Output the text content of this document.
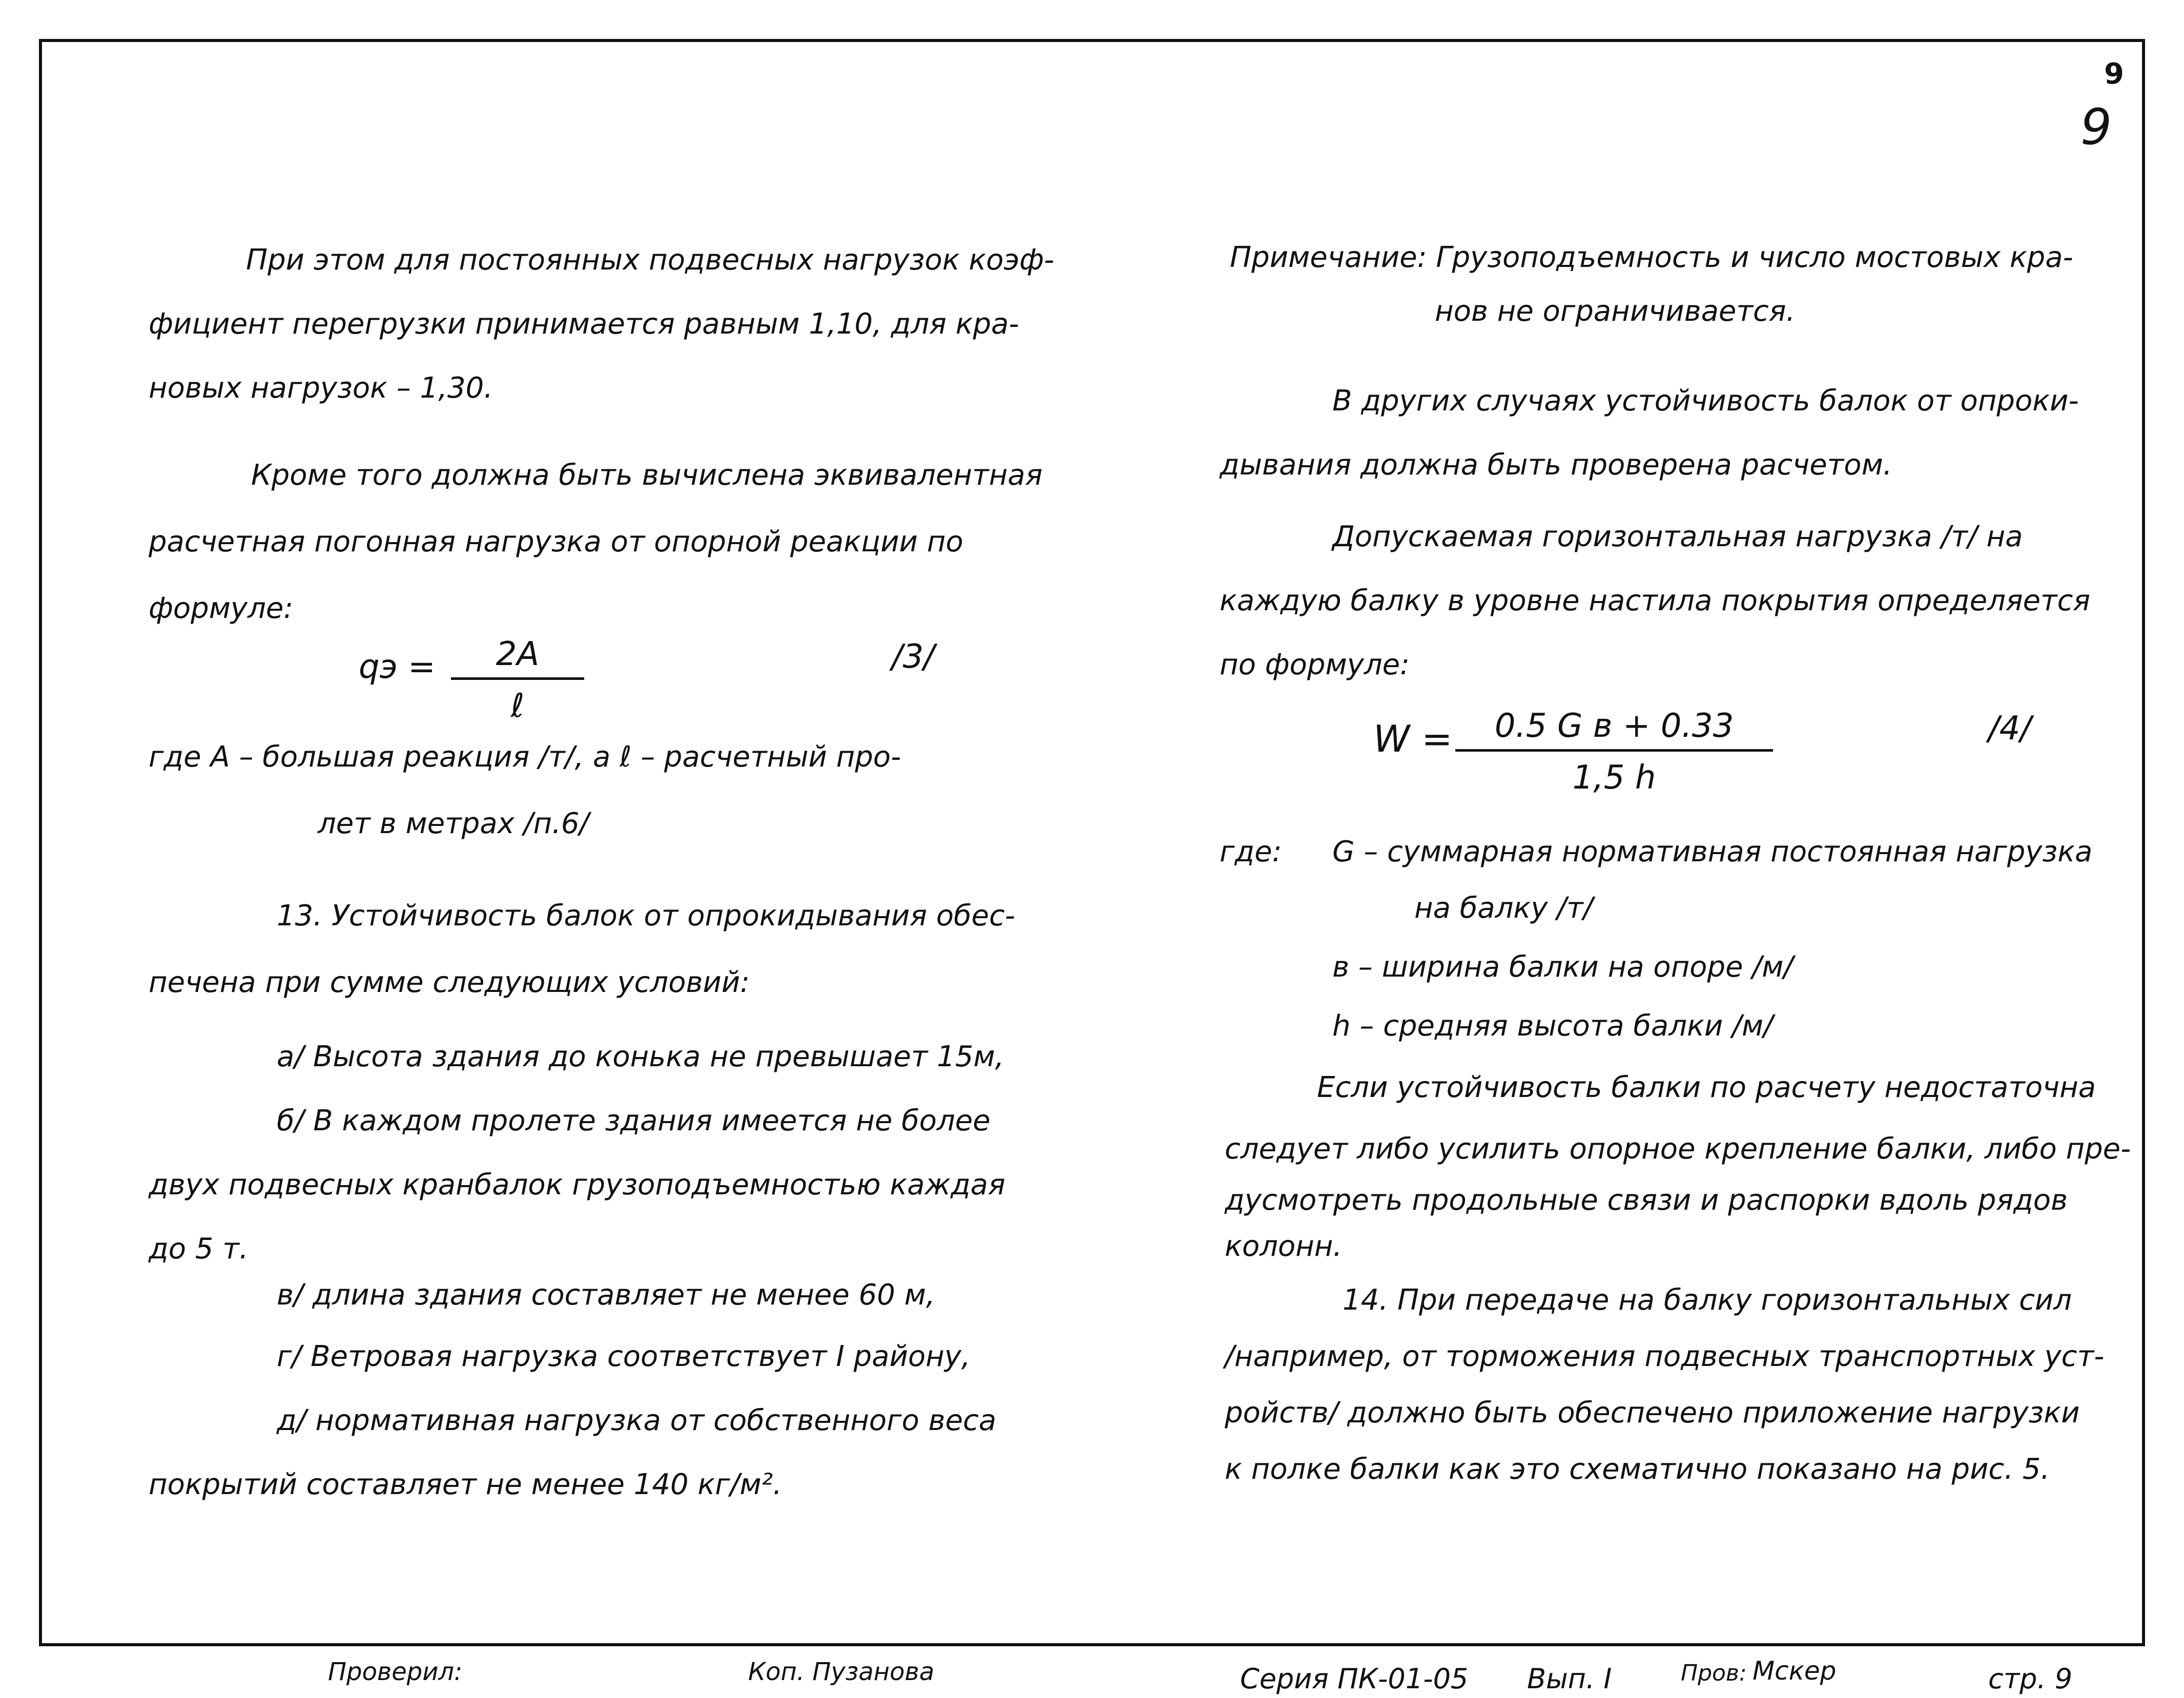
9
9
При этом для постоянных подвесных нагрузок коэф-
фициент перегрузки принимается равным 1,10, для кра-
новых нагрузок – 1,30.
Кроме того должна быть вычислена эквивалентная
расчетная погонная нагрузка от опорной реакции по
формуле:
qэ =	2A
ℓ
/3/
где A – большая реакция /т/, а ℓ – расчетный про-
лет в метрах /п.6/
13. Устойчивость балок от опрокидывания обес-
печена при сумме следующих условий:
а/ Высота здания до конька не превышает 15м,
б/ В каждом пролете здания имеется не более
двух подвесных кранбалок грузоподъемностью каждая
до 5 т.
в/ длина здания составляет не менее 60 м,
г/ Ветровая нагрузка соответствует I району,
д/ нормативная нагрузка от собственного веса
покрытий составляет не менее 140 кг/м².
Примечание: Грузоподъемность и число мостовых кра-
нов не ограничивается.
В других случаях устойчивость балок от опроки-
дывания должна быть проверена расчетом.
Допускаемая горизонтальная нагрузка /т/ на
каждую балку в уровне настила покрытия определяется
по формуле:
W =	0.5 G в + 0.33
1,5 h
/4/
где: G – суммарная нормативная постоянная нагрузка
на балку /т/
в – ширина балки на опоре /м/
h – средняя высота балки /м/
Если устойчивость балки по расчету недостаточна
следует либо усилить опорное крепление балки, либо пре-
дусмотреть продольные связи и распорки вдоль рядов
колонн.
14. При передаче на балку горизонтальных сил
/например, от торможения подвесных транспортных уст-
ройств/ должно быть обеспечено приложение нагрузки
к полке балки как это схематично показано на рис. 5.
Проверил:	Коп. Пузанова	Серия ПК-01-05 Вып. I	Пров: Мскер	стр. 9
